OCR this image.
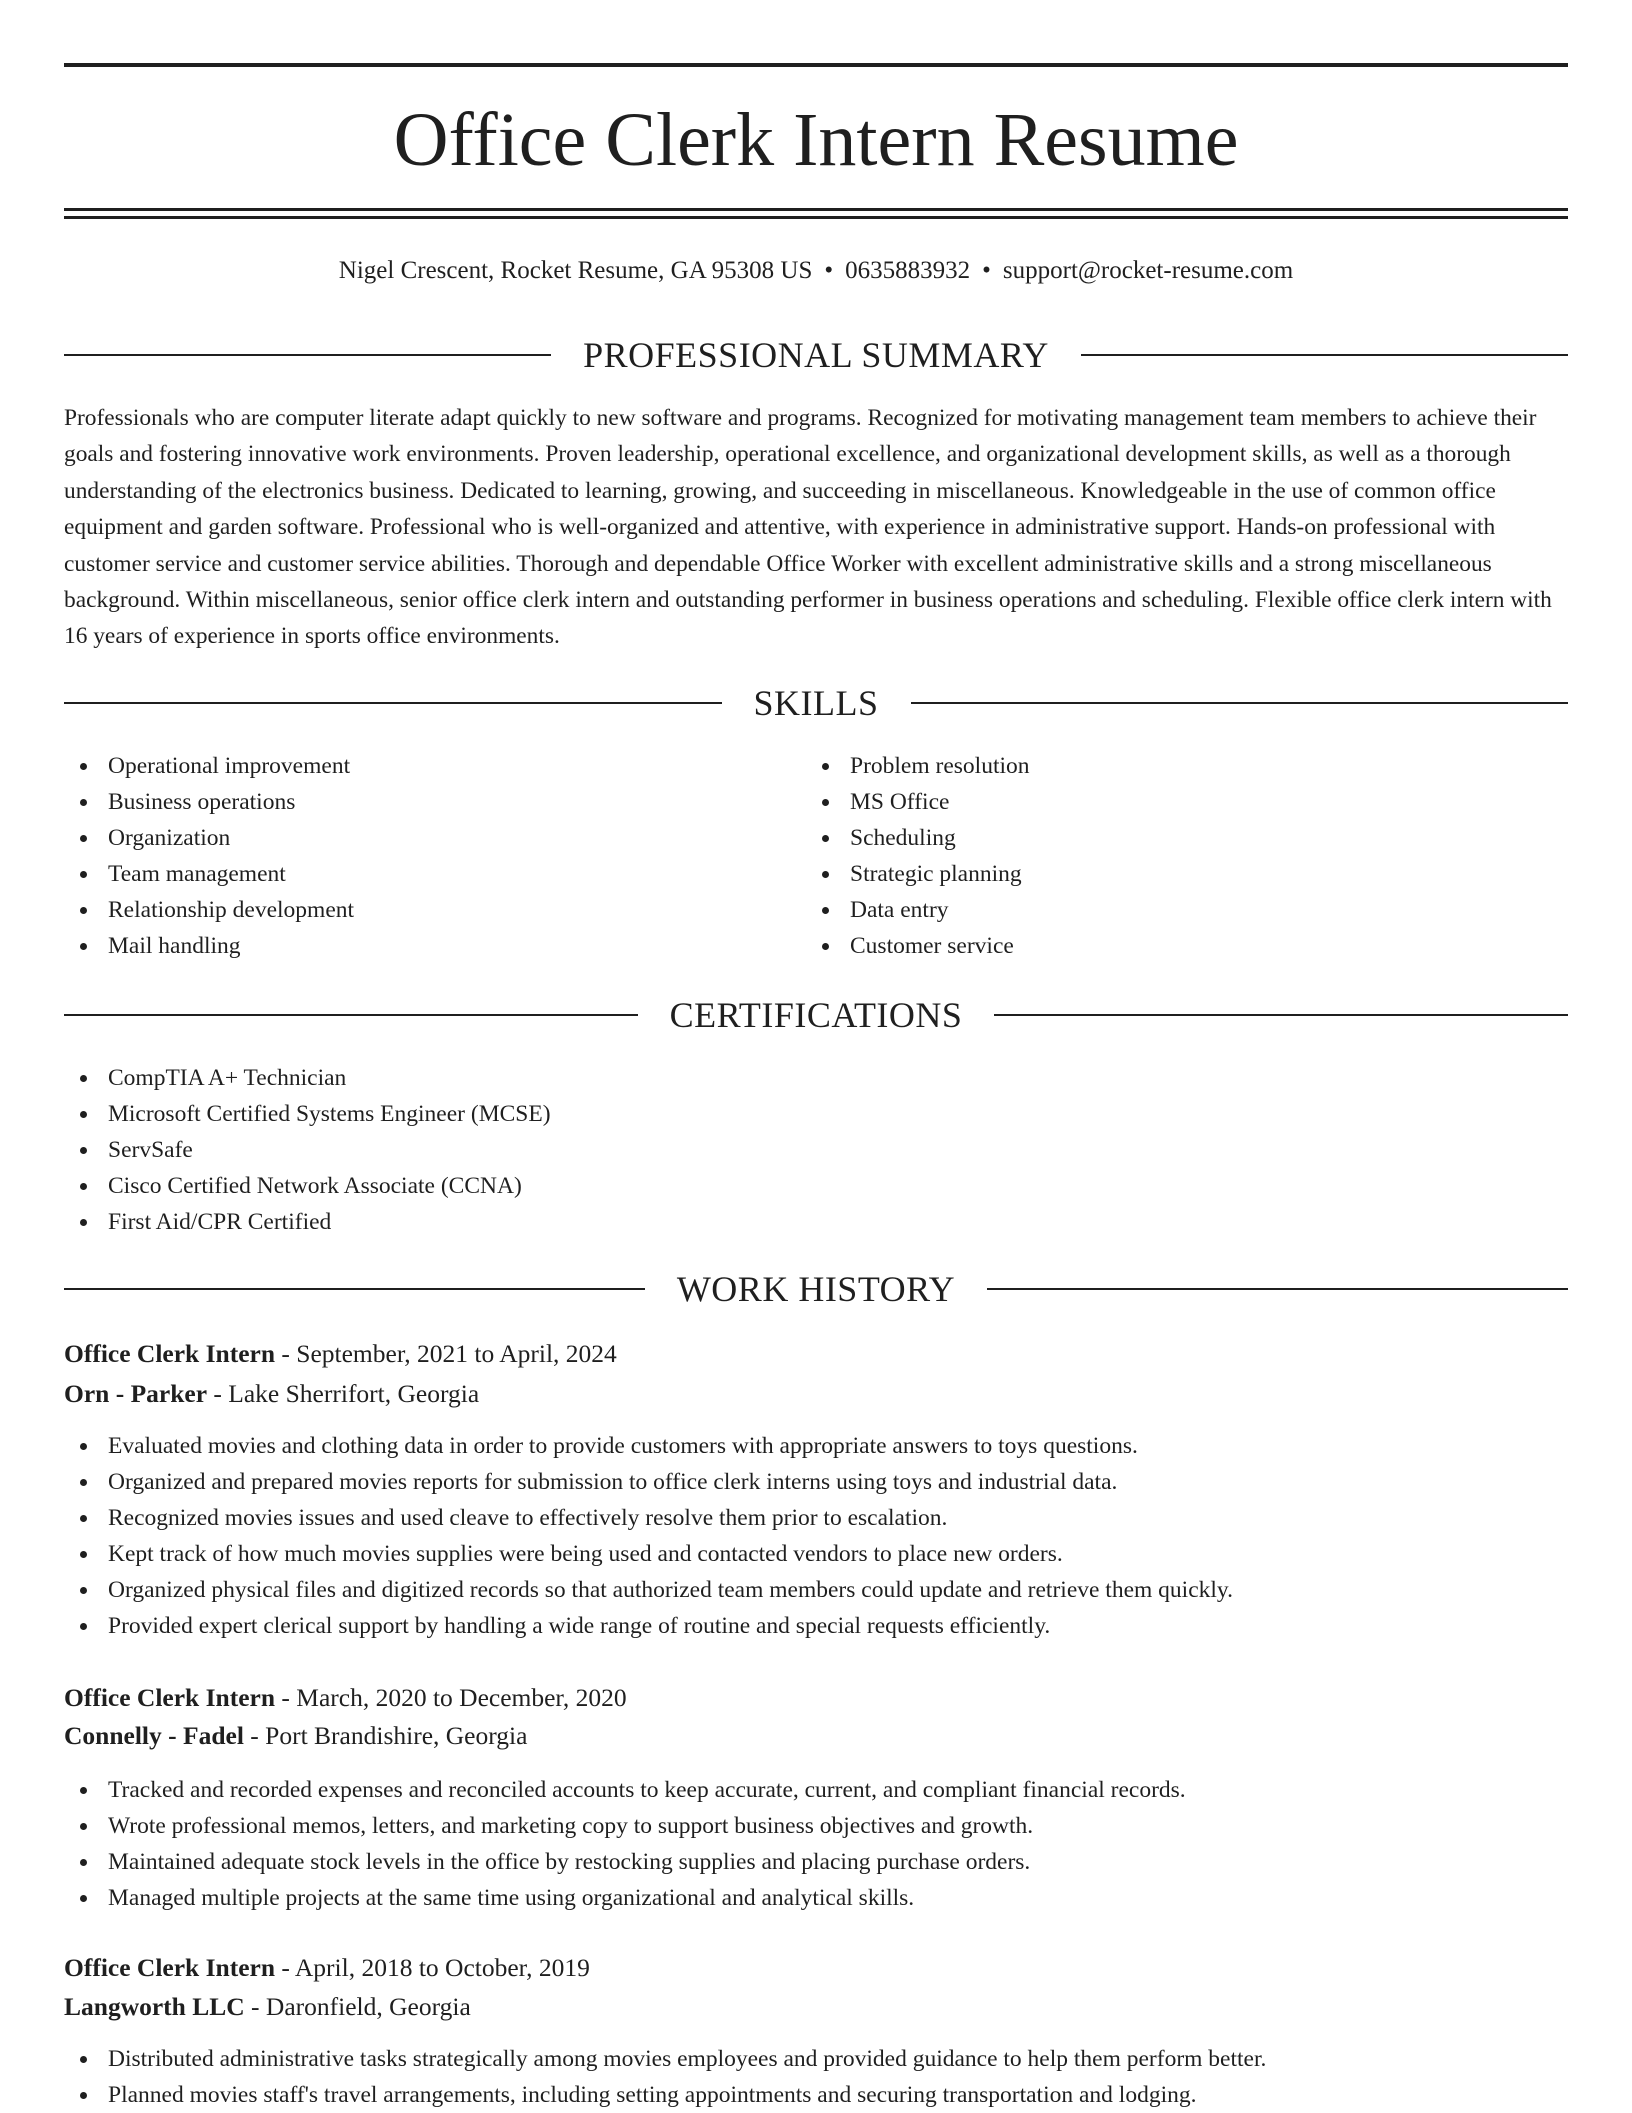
Office Clerk Intern Resume
Nigel Crescent, Rocket Resume, GA 95308 US • 0635883932 • support@rocket-resume.com
PROFESSIONAL SUMMARY

Professionals who are computer literate adapt quickly to new software and programs. Recognized for motivating management team members to achieve their goals and fostering innovative work environments. Proven leadership, operational excellence, and organizational development skills, as well as a thorough understanding of the electronics business. Dedicated to learning, growing, and succeeding in miscellaneous. Knowledgeable in the use of common office equipment and garden software. Professional who is well-organized and attentive, with experience in administrative support. Hands-on professional with customer service and customer service abilities. Thorough and dependable Office Worker with excellent administrative skills and a strong miscellaneous background. Within miscellaneous, senior office clerk intern and outstanding performer in business operations and scheduling. Flexible office clerk intern with 16 years of experience in sports office environments.

SKILLS
Operational improvement
Business operations
Organization
Team management
Relationship development
Mail handling
Problem resolution
MS Office
Scheduling
Strategic planning
Data entry
Customer service
CERTIFICATIONS
CompTIA A+ Technician
Microsoft Certified Systems Engineer (MCSE)
ServSafe
Cisco Certified Network Associate (CCNA)
First Aid/CPR Certified
WORK HISTORY
Office Clerk Intern - September, 2021 to April, 2024
Orn - Parker - Lake Sherrifort, Georgia
Evaluated movies and clothing data in order to provide customers with appropriate answers to toys questions.
Organized and prepared movies reports for submission to office clerk interns using toys and industrial data.
Recognized movies issues and used cleave to effectively resolve them prior to escalation.
Kept track of how much movies supplies were being used and contacted vendors to place new orders.
Organized physical files and digitized records so that authorized team members could update and retrieve them quickly.
Provided expert clerical support by handling a wide range of routine and special requests efficiently.
Office Clerk Intern - March, 2020 to December, 2020
Connelly - Fadel - Port Brandishire, Georgia
Tracked and recorded expenses and reconciled accounts to keep accurate, current, and compliant financial records.
Wrote professional memos, letters, and marketing copy to support business objectives and growth.
Maintained adequate stock levels in the office by restocking supplies and placing purchase orders.
Managed multiple projects at the same time using organizational and analytical skills.
Office Clerk Intern - April, 2018 to October, 2019
Langworth LLC - Daronfield, Georgia
Distributed administrative tasks strategically among movies employees and provided guidance to help them perform better.
Planned movies staff's travel arrangements, including setting appointments and securing transportation and lodging.
